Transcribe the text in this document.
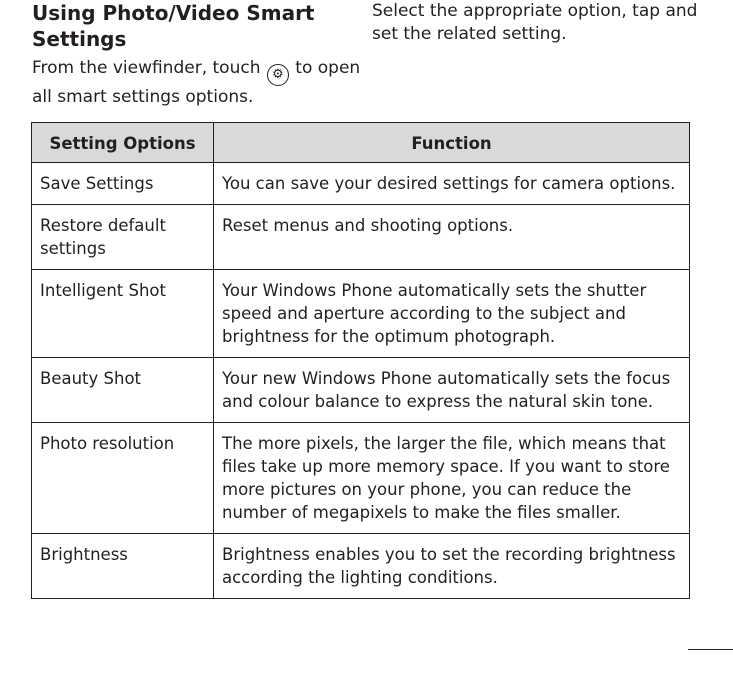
Using Photo/Video Smart Settings
From the viewfinder, touch ⚙ to open all smart settings options.
Select the appropriate option, tap and set the related setting.
Setting Options	Function
Save Settings	You can save your desired settings for camera options.
Restore default settings	Reset menus and shooting options.
Intelligent Shot	Your Windows Phone automatically sets the shutter speed and aperture according to the subject and brightness for the optimum photograph.
Beauty Shot	Your new Windows Phone automatically sets the focus and colour balance to express the natural skin tone.
Photo resolution	The more pixels, the larger the file, which means that files take up more memory space. If you want to store more pictures on your phone, you can reduce the number of megapixels to make the files smaller.
Brightness	Brightness enables you to set the recording brightness according the lighting conditions.
